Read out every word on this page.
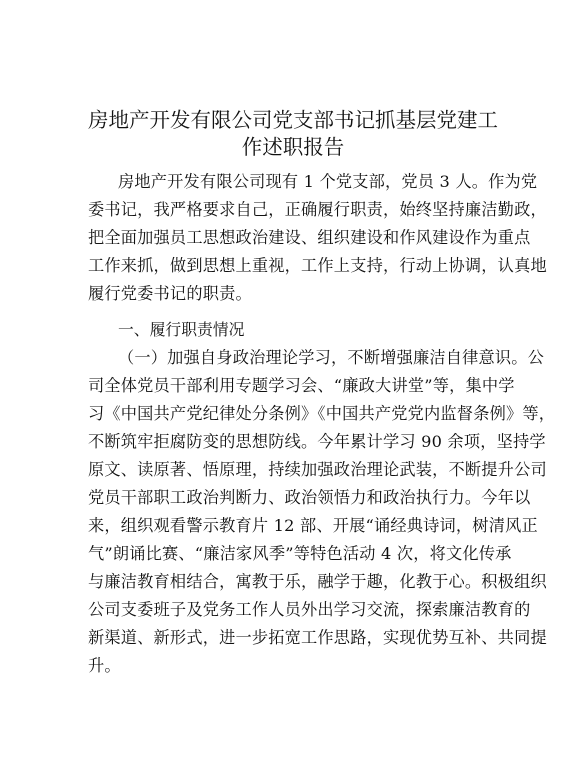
房地产开发有限公司党支部书记抓基层党建工
作述职报告
房地产开发有限公司现有 1 个党支部，党员 3 人。作为党
委书记，我严格要求自己，正确履行职责，始终坚持廉洁勤政，
把全面加强员工思想政治建设、组织建设和作风建设作为重点
工作来抓，做到思想上重视，工作上支持，行动上协调，认真地
履行党委书记的职责。
一、履行职责情况
（一）加强自身政治理论学习，不断增强廉洁自律意识。公
司全体党员干部利用专题学习会、“廉政大讲堂”等，集中学
习《中国共产党纪律处分条例》《中国共产党党内监督条例》等，
不断筑牢拒腐防变的思想防线。今年累计学习 90 余项，坚持学
原文、读原著、悟原理，持续加强政治理论武装，不断提升公司
党员干部职工政治判断力、政治领悟力和政治执行力。今年以
来，组织观看警示教育片 12 部、开展“诵经典诗词，树清风正
气”朗诵比赛、“廉洁家风季”等特色活动 4 次，将文化传承
与廉洁教育相结合，寓教于乐，融学于趣，化教于心。积极组织
公司支委班子及党务工作人员外出学习交流，探索廉洁教育的
新渠道、新形式，进一步拓宽工作思路，实现优势互补、共同提
升。
